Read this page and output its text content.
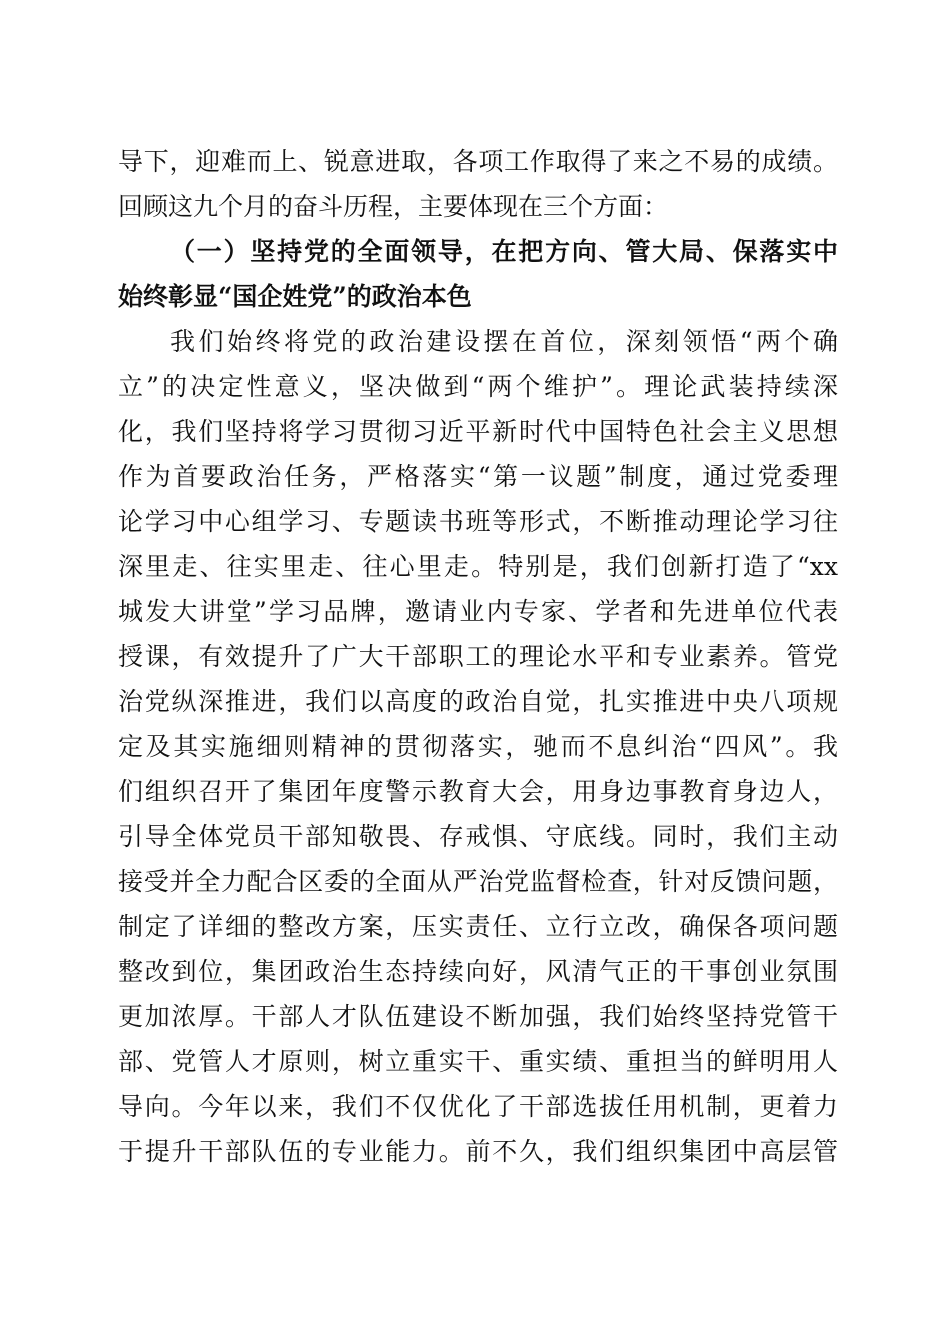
导下，迎难而上、锐意进取，各项工作取得了来之不易的成绩。
回顾这九个月的奋斗历程，主要体现在三个方面：
（一）坚持党的全面领导，在把方向、管大局、保落实中
始终彰显“国企姓党”的政治本色
我们始终将党的政治建设摆在首位，深刻领悟“两个确
立”的决定性意义，坚决做到“两个维护”。理论武装持续深
化，我们坚持将学习贯彻习近平新时代中国特色社会主义思想
作为首要政治任务，严格落实“第一议题”制度，通过党委理
论学习中心组学习、专题读书班等形式，不断推动理论学习往
深里走、往实里走、往心里走。特别是，我们创新打造了“xx
城发大讲堂”学习品牌，邀请业内专家、学者和先进单位代表
授课，有效提升了广大干部职工的理论水平和专业素养。管党
治党纵深推进，我们以高度的政治自觉，扎实推进中央八项规
定及其实施细则精神的贯彻落实，驰而不息纠治“四风”。我
们组织召开了集团年度警示教育大会，用身边事教育身边人，
引导全体党员干部知敬畏、存戒惧、守底线。同时，我们主动
接受并全力配合区委的全面从严治党监督检查，针对反馈问题，
制定了详细的整改方案，压实责任、立行立改，确保各项问题
整改到位，集团政治生态持续向好，风清气正的干事创业氛围
更加浓厚。干部人才队伍建设不断加强，我们始终坚持党管干
部、党管人才原则，树立重实干、重实绩、重担当的鲜明用人
导向。今年以来，我们不仅优化了干部选拔任用机制，更着力
于提升干部队伍的专业能力。前不久，我们组织集团中高层管
